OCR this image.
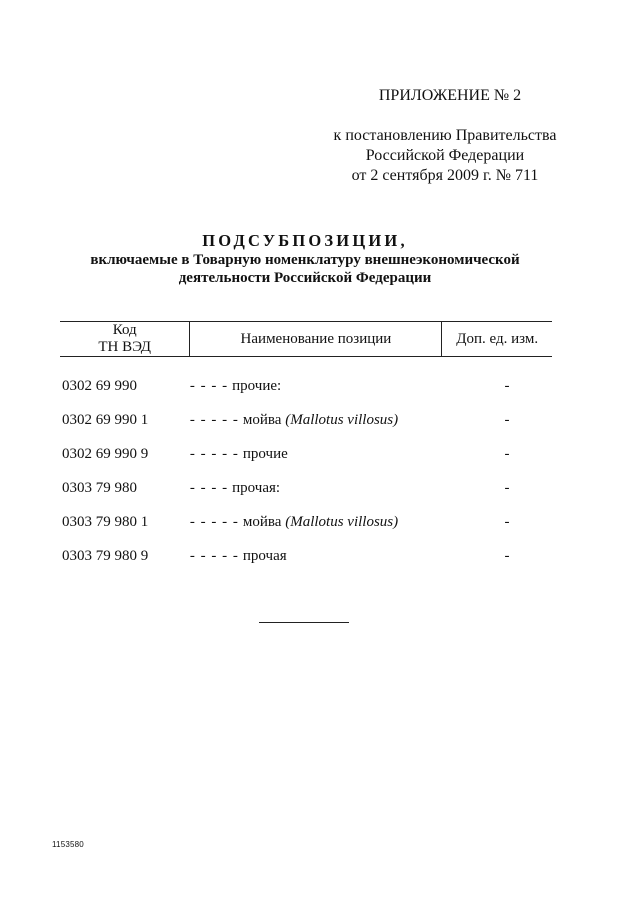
ПРИЛОЖЕНИЕ № 2

к постановлению Правительства
Российской Федерации
от 2 сентября 2009 г. № 711
ПОДСУБПОЗИЦИИ,
включаемые в Товарную номенклатуру внешнеэкономической
деятельности Российской Федерации
Код
ТН ВЭД	Наименование позиции	Доп. ед. изм.
0302 69 990	- - - - прочие:	-
0302 69 990 1	- - - - - мойва (Mallotus villosus)	-
0302 69 990 9	- - - - - прочие	-
0303 79 980	- - - - прочая:	-
0303 79 980 1	- - - - - мойва (Mallotus villosus)	-
0303 79 980 9	- - - - - прочая	-
1153580
